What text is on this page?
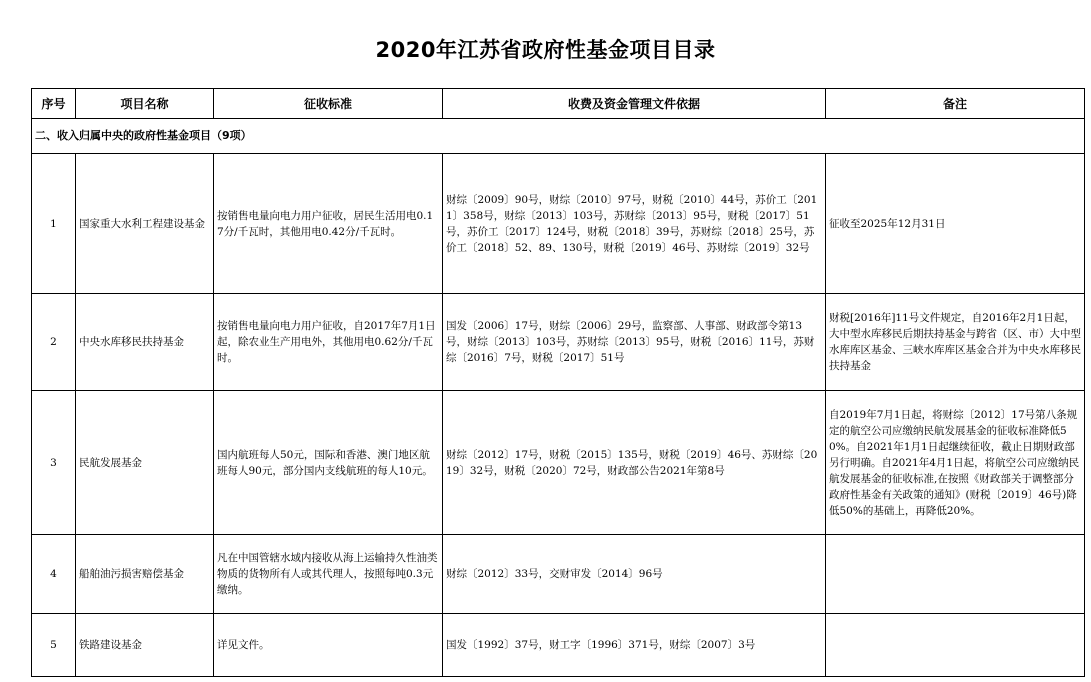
2020年江苏省政府性基金项目目录
序号	项目名称	征收标准	收费及资金管理文件依据	备注
二、收入归属中央的政府性基金项目（9项）				
1	国家重大水利工程建设基金	按销售电量向电力用户征收，居民生活用电0.17分/千瓦时，其他用电0.42分/千瓦时。	财综〔2009〕90号，财综〔2010〕97号，财税〔2010〕44号，苏价工〔2011〕358号，财综〔2013〕103号，苏财综〔2013〕95号，财税〔2017〕51号，苏价工〔2017〕124号，财税〔2018〕39号，苏财综〔2018〕25号，苏价工〔2018〕52、89、130号，财税〔2019〕46号、苏财综〔2019〕32号	征收至2025年12月31日
2	中央水库移民扶持基金	按销售电量向电力用户征收，自2017年7月1日起，除农业生产用电外，其他用电0.62分/千瓦时。	国发〔2006〕17号，财综〔2006〕29号，监察部、人事部、财政部令第13号，财综〔2013〕103号，苏财综〔2013〕95号，财税〔2016〕11号，苏财综〔2016〕7号，财税〔2017〕51号	财税[2016年]11号文件规定，自2016年2月1日起，大中型水库移民后期扶持基金与跨省（区、市）大中型水库库区基金、三峡水库库区基金合并为中央水库移民扶持基金
3	民航发展基金	国内航班每人50元，国际和香港、澳门地区航班每人90元，部分国内支线航班的每人10元。	财综〔2012〕17号，财税〔2015〕135号，财税〔2019〕46号、苏财综〔2019〕32号，财税〔2020〕72号，财政部公告2021年第8号	自2019年7月1日起，将财综〔2012〕17号第八条规定的航空公司应缴纳民航发展基金的征收标准降低50%。自2021年1月1日起继续征收，截止日期财政部另行明确。自2021年4月1日起，将航空公司应缴纳民航发展基金的征收标准,在按照《财政部关于调整部分政府性基金有关政策的通知》(财税〔2019〕46号)降低50%的基础上，再降低20%。
4	船舶油污损害赔偿基金	凡在中国管辖水域内接收从海上运输持久性油类物质的货物所有人或其代理人，按照每吨0.3元缴纳。	财综〔2012〕33号，交财审发〔2014〕96号	
5	铁路建设基金	详见文件。	国发〔1992〕37号，财工字〔1996〕371号，财综〔2007〕3号	
